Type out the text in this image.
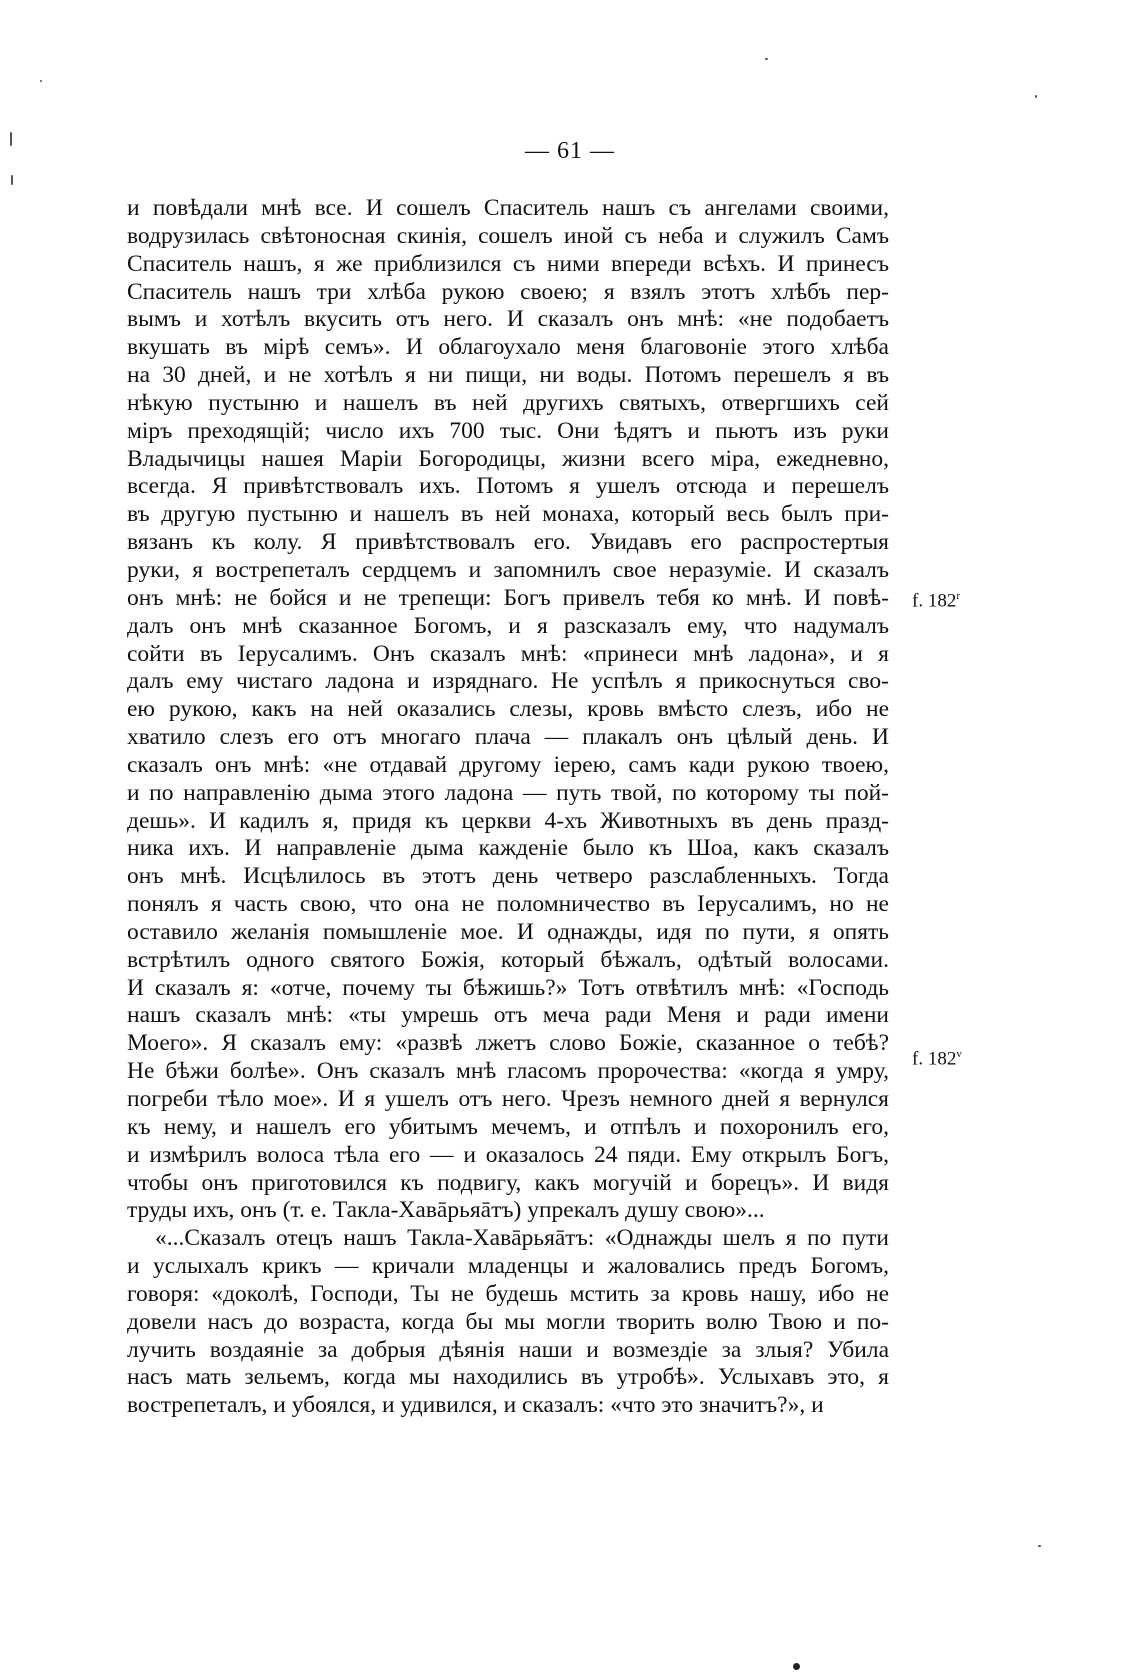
— 61 —
и повѣдали мнѣ все. И сошелъ Спаситель нашъ съ ангелами своими,
водрузилась свѣтоносная скинія, сошелъ иной съ неба и служилъ Самъ
Спаситель нашъ, я же приблизился съ ними впереди всѣхъ. И принесъ
Спаситель нашъ три хлѣба рукою своею; я взялъ этотъ хлѣбъ пер-
вымъ и хотѣлъ вкусить отъ него. И сказалъ онъ мнѣ: «не подобаетъ
вкушать въ мірѣ семъ». И облагоухало меня благовоніе этого хлѣба
на 30 дней, и не хотѣлъ я ни пищи, ни воды. Потомъ перешелъ я въ
нѣкую пустыню и нашелъ въ ней другихъ святыхъ, отвергшихъ сей
міръ преходящій; число ихъ 700 тыс. Они ѣдятъ и пьютъ изъ руки
Владычицы нашея Маріи Богородицы, жизни всего міра, ежедневно,
всегда. Я привѣтствовалъ ихъ. Потомъ я ушелъ отсюда и перешелъ
въ другую пустыню и нашелъ въ ней монаха, который весь былъ при-
вязанъ къ колу. Я привѣтствовалъ его. Увидавъ его распростертыя
руки, я вострепеталъ сердцемъ и запомнилъ свое неразуміе. И сказалъ
онъ мнѣ: не бойся и не трепещи: Богъ привелъ тебя ко мнѣ. И повѣ-
далъ онъ мнѣ сказанное Богомъ, и я разсказалъ ему, что надумалъ
сойти въ Іерусалимъ. Онъ сказалъ мнѣ: «принеси мнѣ ладона», и я
далъ ему чистаго ладона и изряднаго. Не успѣлъ я прикоснуться сво-
ею рукою, какъ на ней оказались слезы, кровь вмѣсто слезъ, ибо не
хватило слезъ его отъ многаго плача — плакалъ онъ цѣлый день. И
сказалъ онъ мнѣ: «не отдавай другому іерею, самъ кади рукою твоею,
и по направленію дыма этого ладона — путь твой, по которому ты пой-
дешь». И кадилъ я, придя къ церкви 4-хъ Животныхъ въ день празд-
ника ихъ. И направленіе дыма кажденіе было къ Шоа, какъ сказалъ
онъ мнѣ. Исцѣлилось въ этотъ день четверо разслабленныхъ. Тогда
понялъ я часть свою, что она не поломничество въ Іерусалимъ, но не
оставило желанія помышленіе мое. И однажды, идя по пути, я опять
встрѣтилъ одного святого Божія, который бѣжалъ, одѣтый волосами.
И сказалъ я: «отче, почему ты бѣжишь?» Тотъ отвѣтилъ мнѣ: «Господь
нашъ сказалъ мнѣ: «ты умрешь отъ меча ради Меня и ради имени
Моего». Я сказалъ ему: «развѣ лжетъ слово Божіе, сказанное о тебѣ?
Не бѣжи болѣе». Онъ сказалъ мнѣ гласомъ пророчества: «когда я умру,
погреби тѣло мое». И я ушелъ отъ него. Чрезъ немного дней я вернулся
къ нему, и нашелъ его убитымъ мечемъ, и отпѣлъ и похоронилъ его,
и измѣрилъ волоса тѣла его — и оказалось 24 пяди. Ему открылъ Богъ,
чтобы онъ приготовился къ подвигу, какъ могучій и борецъ». И видя
труды ихъ, онъ (т. е. Такла-Хавāрьяāтъ) упрекалъ душу свою»...
«...Сказалъ отецъ нашъ Такла-Хавāрьяāтъ: «Однажды шелъ я по пути
и услыхалъ крикъ — кричали младенцы и жаловались предъ Богомъ,
говоря: «доколѣ, Господи, Ты не будешь мстить за кровь нашу, ибо не
довели насъ до возраста, когда бы мы могли творить волю Твою и по-
лучить воздаяніе за добрыя дѣянія наши и возмездіе за злыя? Убила
насъ мать зельемъ, когда мы находились въ утробѣ». Услыхавъ это, я
вострепеталъ, и убоялся, и удивился, и сказалъ: «что это значитъ?», и
f. 182$^r$
f. 182$^v$
